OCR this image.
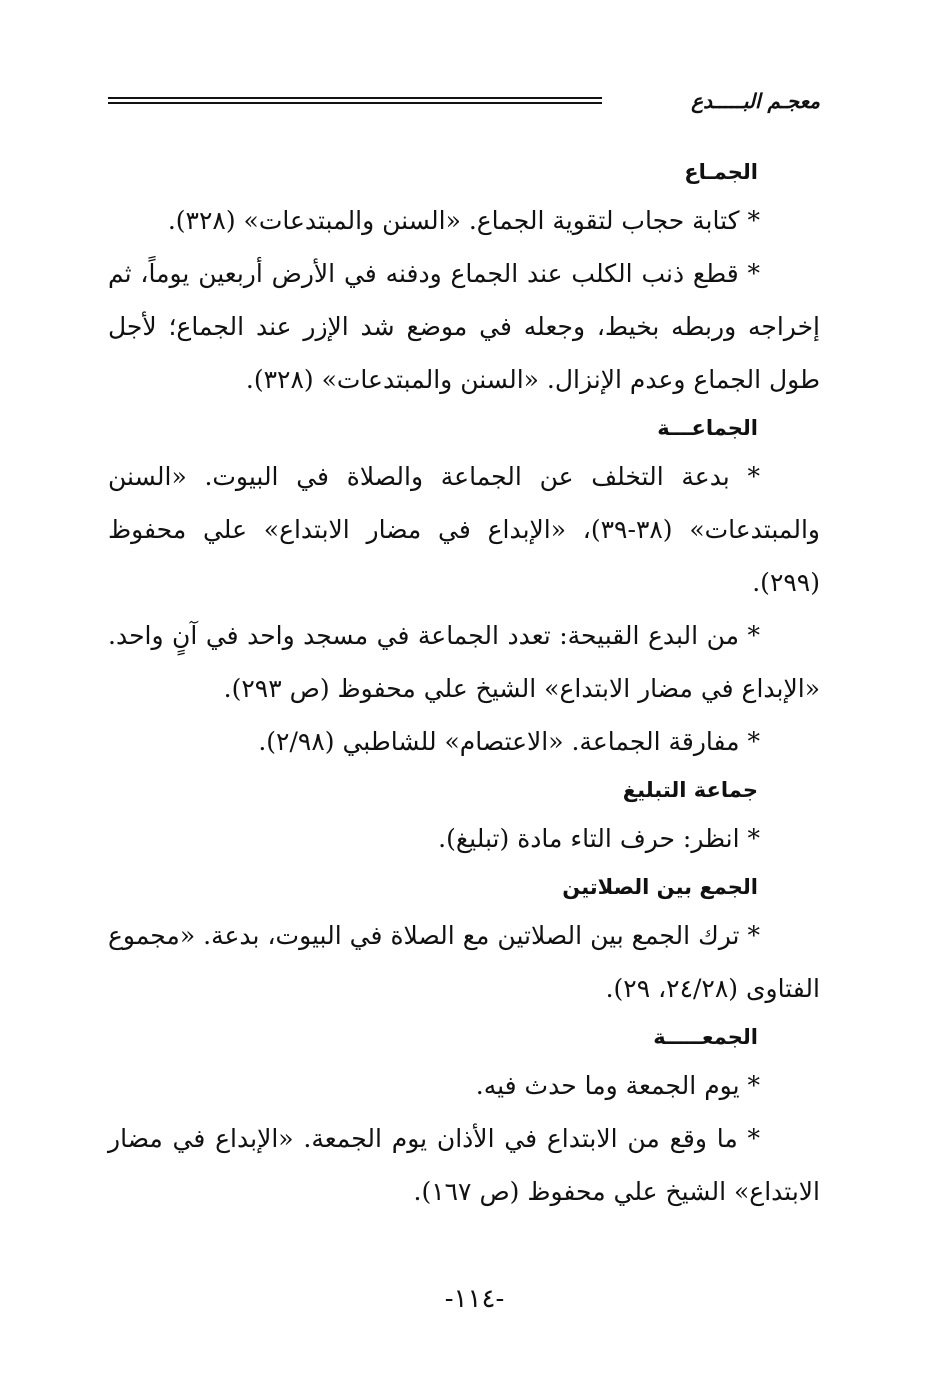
معجـم البـــــدع
الجمـاع

* كتابة حجاب لتقوية الجماع. «السنن والمبتدعات» (٣٢٨).

* قطع ذنب الكلب عند الجماع ودفنه في الأرض أربعين يوماً، ثم إخراجه وربطه بخيط، وجعله في موضع شد الإزر عند الجماع؛ لأجل طول الجماع وعدم الإنزال. «السنن والمبتدعات» (٣٢٨).

الجماعـــة

* بدعة التخلف عن الجماعة والصلاة في البيوت. «السنن والمبتدعات» (٣٨-٣٩)، «الإبداع في مضار الابتداع» علي محفوظ (٢٩٩).

* من البدع القبيحة: تعدد الجماعة في مسجد واحد في آنٍ واحد. «الإبداع في مضار الابتداع» الشيخ علي محفوظ (ص ٢٩٣).

* مفارقة الجماعة. «الاعتصام» للشاطبي (٢/٩٨).

جماعة التبليغ

* انظر: حرف التاء مادة (تبليغ).

الجمع بين الصلاتين

* ترك الجمع بين الصلاتين مع الصلاة في البيوت، بدعة. «مجموع الفتاوى (٢٤/٢٨، ٢٩).

الجمعـــــة

* يوم الجمعة وما حدث فيه.

* ما وقع من الابتداع في الأذان يوم الجمعة. «الإبداع في مضار الابتداع» الشيخ علي محفوظ (ص ١٦٧).

-١١٤-
